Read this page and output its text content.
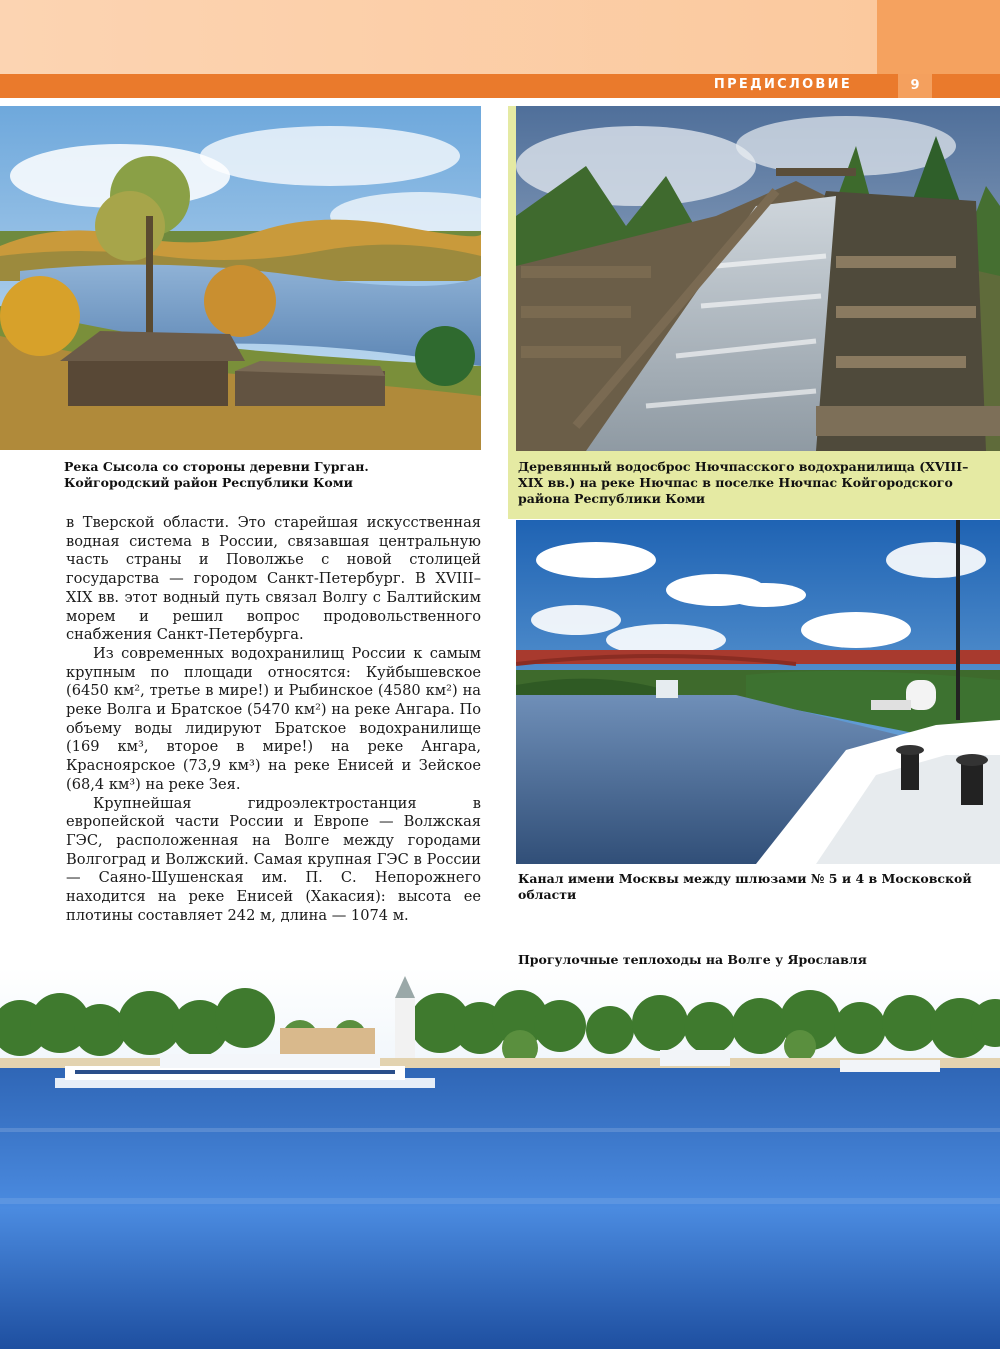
ПРЕДИСЛОВИЕ	9
Река Сысола со стороны деревни Гурган. Койгородский район Республики Коми
Деревянный водосброс Нючпасского водохранилища (XVIII–XIX вв.) на реке Нючпас в поселке Нючпас Койгородского района Республики Коми
Канал имени Москвы между шлюзами № 5 и 4 в Московской области
Прогулочные теплоходы на Волге у Ярославля

в Тверской области. Это старейшая искусственная водная система в России, связавшая центральную часть страны и Поволжье с новой столицей государства — городом Санкт-Петербург. В XVIII–XIX вв. этот водный путь связал Волгу с Балтийским морем и решил вопрос продовольственного снабжения Санкт-Петербурга.

Из современных водохранилищ России к самым крупным по площади относятся: Куйбышевское (6450 км², третье в мире!) и Рыбинское (4580 км²) на реке Волга и Братское (5470 км²) на реке Ангара. По объему воды лидируют Братское водохранилище (169 км³, второе в мире!) на реке Ангара, Красноярское (73,9 км³) на реке Енисей и Зейское (68,4 км³) на реке Зея.

Крупнейшая гидроэлектростанция в европейской части России и Европе — Волжская ГЭС, расположенная на Волге между городами Волгоград и Волжский. Самая крупная ГЭС в России — Саяно-Шушенская им. П. С. Непорожнего находится на реке Енисей (Хакасия): высота ее плотины составляет 242 м, длина — 1074 м.
